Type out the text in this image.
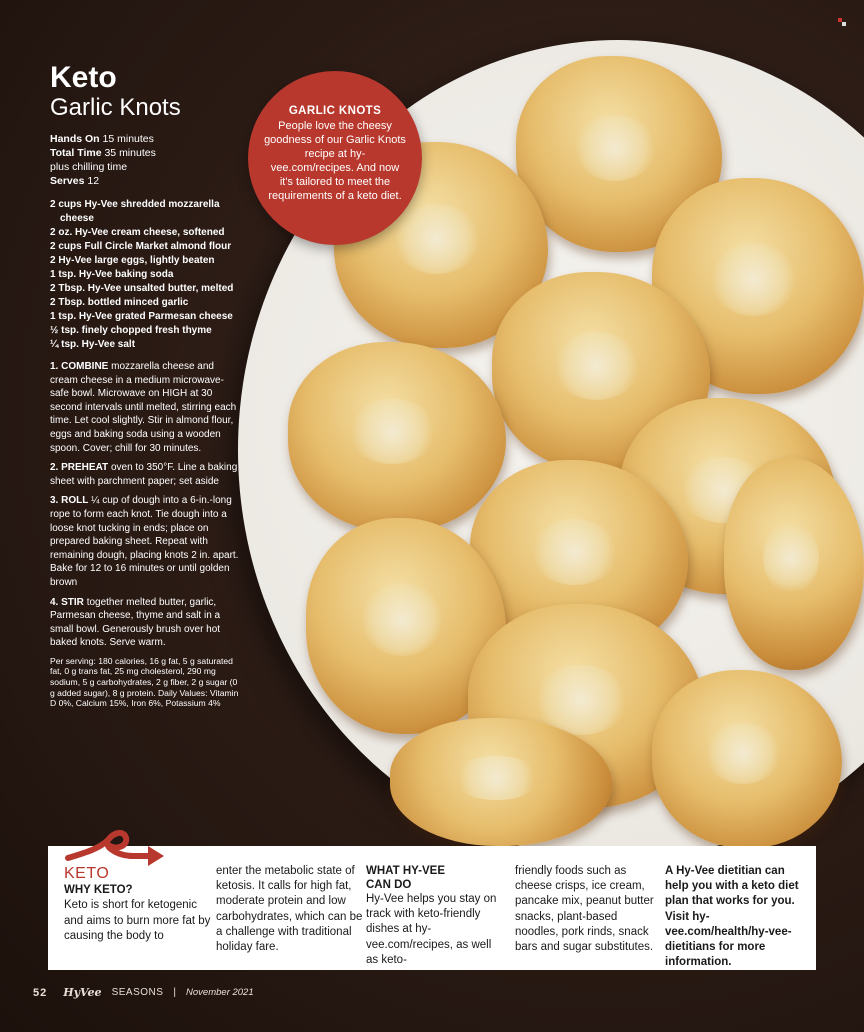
Keto
Garlic Knots
Hands On 15 minutes
Total Time 35 minutes
plus chilling time
Serves 12
2 cups Hy-Vee shredded mozzarella cheese
2 oz. Hy-Vee cream cheese, softened
2 cups Full Circle Market almond flour
2 Hy-Vee large eggs, lightly beaten
1 tsp. Hy-Vee baking soda
2 Tbsp. Hy-Vee unsalted butter, melted
2 Tbsp. bottled minced garlic
1 tsp. Hy-Vee grated Parmesan cheese
½ tsp. finely chopped fresh thyme
¼ tsp. Hy-Vee salt
1. COMBINE mozzarella cheese and cream cheese in a medium microwave-safe bowl. Microwave on HIGH at 30 second intervals until melted, stirring each time. Let cool slightly. Stir in almond flour, eggs and baking soda using a wooden spoon. Cover; chill for 30 minutes.
2. PREHEAT oven to 350°F. Line a baking sheet with parchment paper; set aside
3. ROLL ¼ cup of dough into a 6-in.-long rope to form each knot. Tie dough into a loose knot tucking in ends; place on prepared baking sheet. Repeat with remaining dough, placing knots 2 in. apart. Bake for 12 to 16 minutes or until golden brown
4. STIR together melted butter, garlic, Parmesan cheese, thyme and salt in a small bowl. Generously brush over hot baked knots. Serve warm.
Per serving: 180 calories, 16 g fat, 5 g saturated fat, 0 g trans fat, 25 mg cholesterol, 290 mg sodium, 5 g carbohydrates, 2 g fiber, 2 g sugar (0 g added sugar), 8 g protein. Daily Values: Vitamin D 0%, Calcium 15%, Iron 6%, Potassium 4%
GARLIC KNOTS
People love the cheesy goodness of our Garlic Knots recipe at hy-vee.com/recipes. And now it's tailored to meet the requirements of a keto diet.
KETO
WHY KETO?
Keto is short for ketogenic and aims to burn more fat by causing the body to
enter the metabolic state of ketosis. It calls for high fat, moderate protein and low carbohydrates, which can be a challenge with traditional holiday fare.
WHAT HY-VEE
CAN DO
Hy-Vee helps you stay on track with keto-friendly dishes at hy-vee.com/recipes, as well as keto-
friendly foods such as cheese crisps, ice cream, pancake mix, peanut butter snacks, plant-based noodles, pork rinds, snack bars and sugar substitutes.
A Hy-Vee dietitian can help you with a keto diet plan that works for you. Visit hy-vee.com/health/hy-vee-dietitians for more information.
52 HyVee SEASONS | November 2021
